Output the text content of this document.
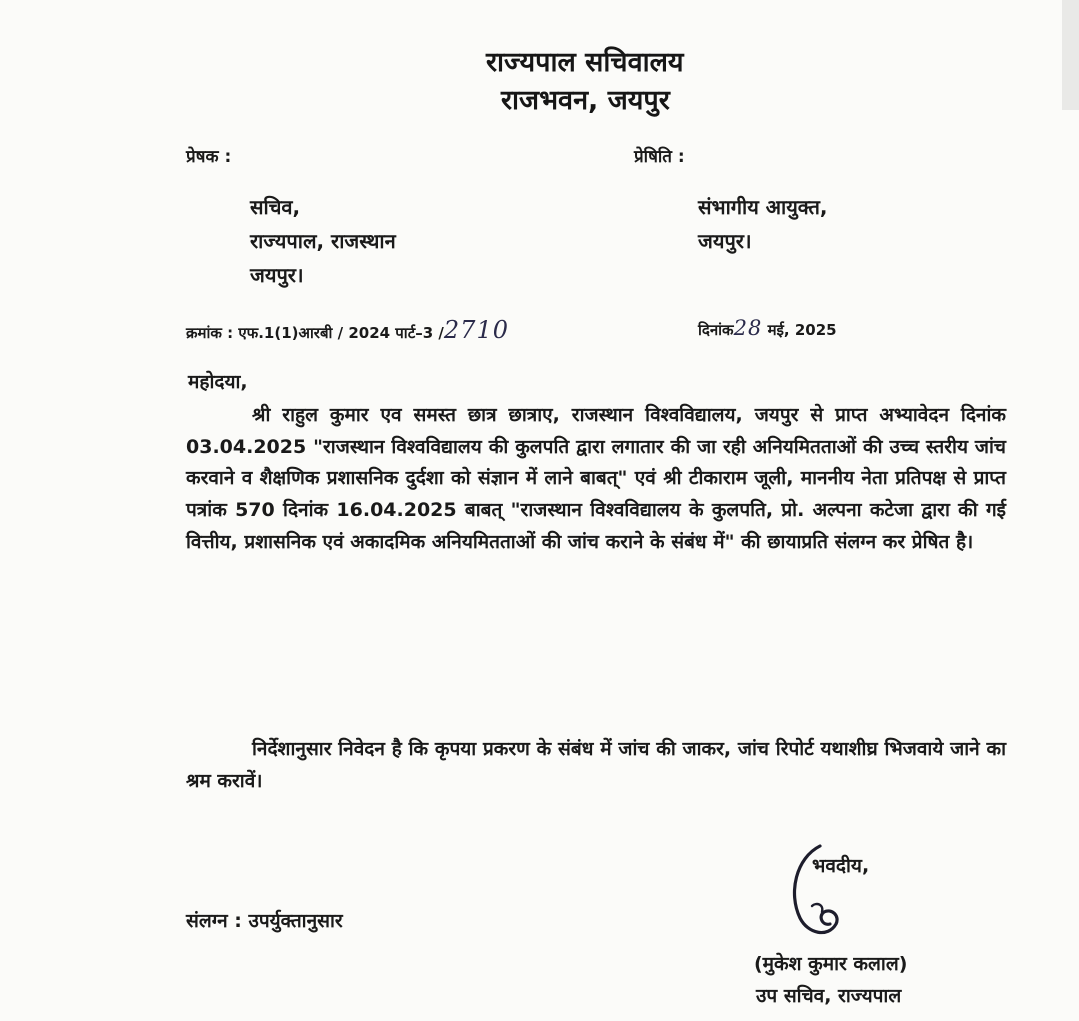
राज्यपाल सचिवालय
राजभवन, जयपुर
प्रेषक :	प्रेषिति :
सचिव,
राज्यपाल, राजस्थान
जयपुर।
संभागीय आयुक्त,
जयपुर।
क्रमांक : एफ.1(1)आरबी / 2024 पार्ट–3 /2710	दिनांक28 मई, 2025
महोदया,
श्री राहुल कुमार एव समस्त छात्र छात्राए, राजस्थान विश्वविद्यालय, जयपुर से प्राप्त अभ्यावेदन दिनांक 03.04.2025 "राजस्थान विश्वविद्यालय की कुलपति द्वारा लगातार की जा रही अनियमितताओं की उच्च स्तरीय जांच करवाने व शैक्षणिक प्रशासनिक दुर्दशा को संज्ञान में लाने बाबत्" एवं श्री टीकाराम जूली, माननीय नेता प्रतिपक्ष से प्राप्त पत्रांक 570 दिनांक 16.04.2025 बाबत् "राजस्थान विश्वविद्यालय के कुलपति, प्रो. अल्पना कटेजा द्वारा की गई वित्तीय, प्रशासनिक एवं अकादमिक अनियमितताओं की जांच कराने के संबंध में" की छायाप्रति संलग्न कर प्रेषित है।
निर्देशानुसार निवेदन है कि कृपया प्रकरण के संबंध में जांच की जाकर, जांच रिपोर्ट यथाशीघ्र भिजवाये जाने का श्रम करावें।
भवदीय,
संलग्न : उपर्युक्तानुसार
(मुकेश कुमार कलाल)
उप सचिव, राज्यपाल
